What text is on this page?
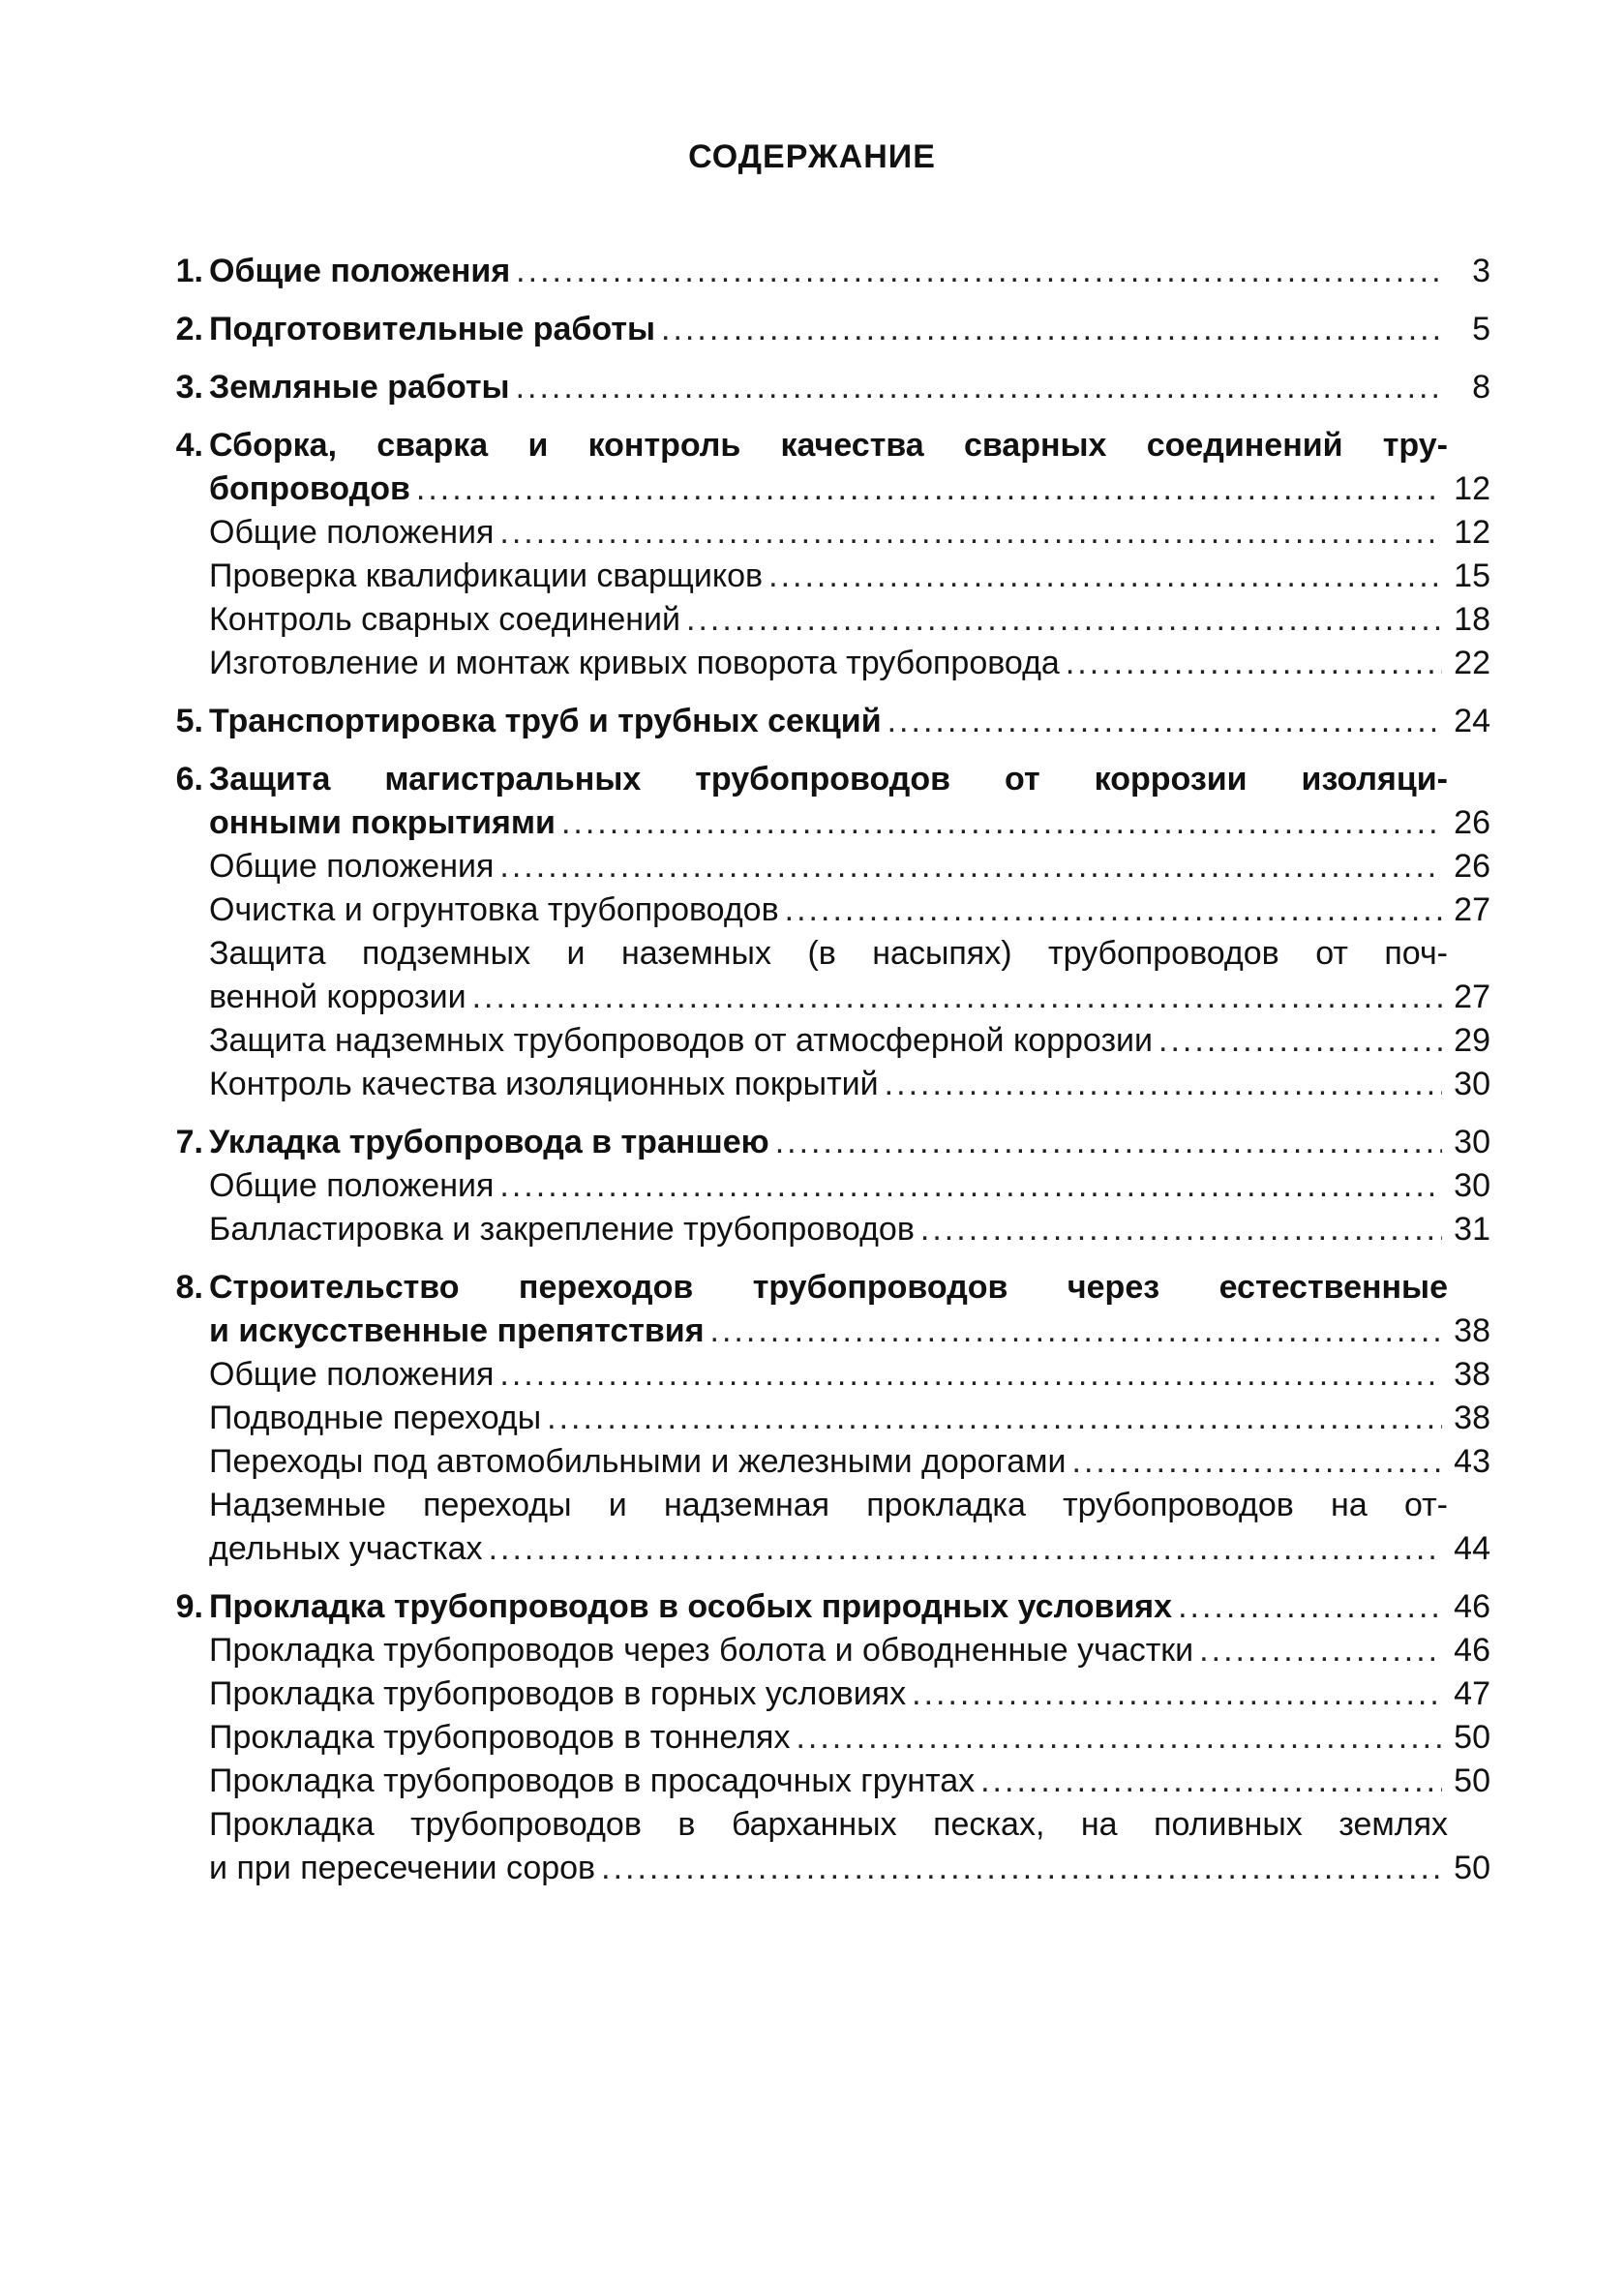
СОДЕРЖАНИЕ
1. Общие положения .....	3
2. Подготовительные работы .....	5
3. Земляные работы .....	8
4. Сборка, сварка и контроль качества сварных соединений тру-
бопроводов .....	12
Общие положения .....	12
Проверка квалификации сварщиков .....	15
Контроль сварных соединений .....	18
Изготовление и монтаж кривых поворота трубопровода .....	22
5. Транспортировка труб и трубных секций .....	24
6. Защита магистральных трубопроводов от коррозии изоляци-
онными покрытиями .....	26
Общие положения .....	26
Очистка и огрунтовка трубопроводов .....	27
Защита подземных и наземных (в насыпях) трубопроводов от поч-
венной коррозии .....	27
Защита надземных трубопроводов от атмосферной коррозии .....	29
Контроль качества изоляционных покрытий .....	30
7. Укладка трубопровода в траншею .....	30
Общие положения .....	30
Балластировка и закрепление трубопроводов .....	31
8. Строительство переходов трубопроводов через естественные
и искусственные препятствия .....	38
Общие положения .....	38
Подводные переходы .....	38
Переходы под автомобильными и железными дорогами .....	43
Надземные переходы и надземная прокладка трубопроводов на от-
дельных участках .....	44
9. Прокладка трубопроводов в особых природных условиях .....	46
Прокладка трубопроводов через болота и обводненные участки .....	46
Прокладка трубопроводов в горных условиях .....	47
Прокладка трубопроводов в тоннелях .....	50
Прокладка трубопроводов в просадочных грунтах .....	50
Прокладка трубопроводов в барханных песках, на поливных землях
и при пересечении соров .....	50
